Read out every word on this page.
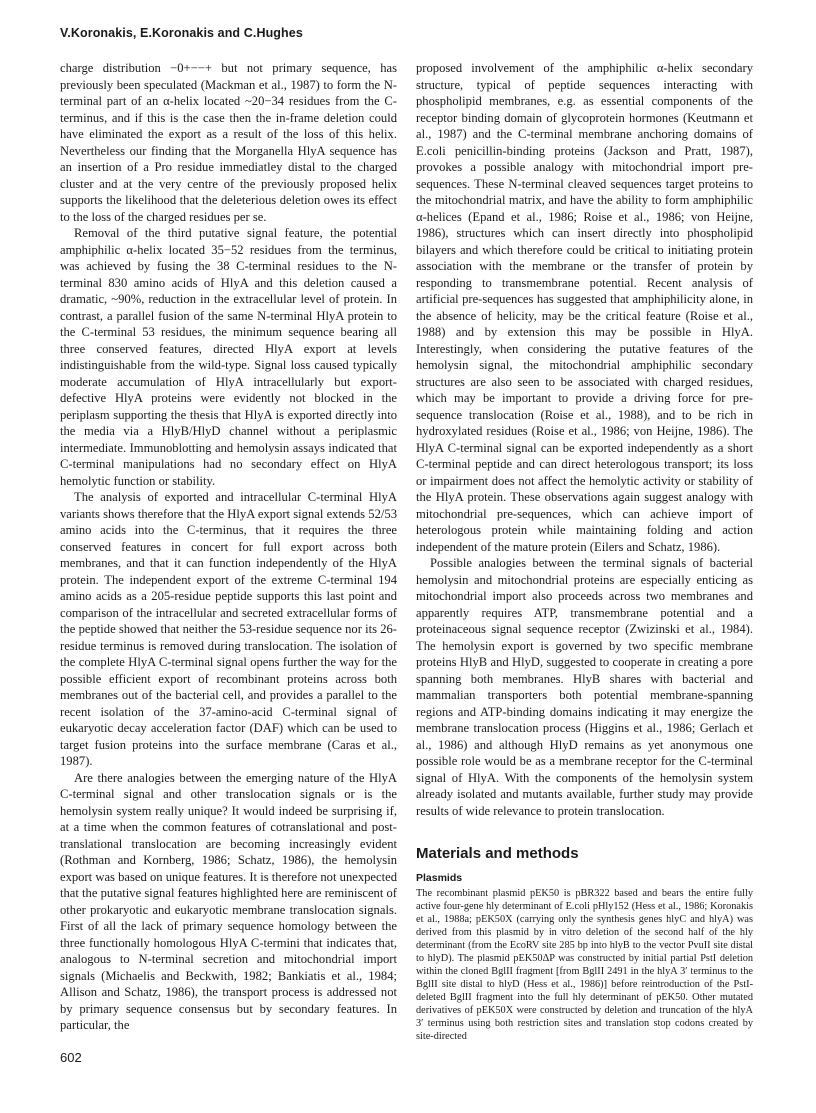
V.Koronakis, E.Koronakis and C.Hughes

charge distribution −0+−−+ but not primary sequence, has previously been speculated (Mackman et al., 1987) to form the N-terminal part of an α-helix located ~20−34 residues from the C-terminus, and if this is the case then the in-frame deletion could have eliminated the export as a result of the loss of this helix. Nevertheless our finding that the Morganella HlyA sequence has an insertion of a Pro residue immediatley distal to the charged cluster and at the very centre of the previously proposed helix supports the likelihood that the deleterious deletion owes its effect to the loss of the charged residues per se.

Removal of the third putative signal feature, the potential amphiphilic α-helix located 35−52 residues from the terminus, was achieved by fusing the 38 C-terminal residues to the N-terminal 830 amino acids of HlyA and this deletion caused a dramatic, ~90%, reduction in the extracellular level of protein. In contrast, a parallel fusion of the same N-terminal HlyA protein to the C-terminal 53 residues, the minimum sequence bearing all three conserved features, directed HlyA export at levels indistinguishable from the wild-type. Signal loss caused typically moderate accumulation of HlyA intracellularly but export-defective HlyA proteins were evidently not blocked in the periplasm supporting the thesis that HlyA is exported directly into the media via a HlyB/HlyD channel without a periplasmic intermediate. Immunoblotting and hemolysin assays indicated that C-terminal manipulations had no secondary effect on HlyA hemolytic function or stability.

The analysis of exported and intracellular C-terminal HlyA variants shows therefore that the HlyA export signal extends 52/53 amino acids into the C-terminus, that it requires the three conserved features in concert for full export across both membranes, and that it can function independently of the HlyA protein. The independent export of the extreme C-terminal 194 amino acids as a 205-residue peptide supports this last point and comparison of the intracellular and secreted extracellular forms of the peptide showed that neither the 53-residue sequence nor its 26-residue terminus is removed during translocation. The isolation of the complete HlyA C-terminal signal opens further the way for the possible efficient export of recombinant proteins across both membranes out of the bacterial cell, and provides a parallel to the recent isolation of the 37-amino-acid C-terminal signal of eukaryotic decay acceleration factor (DAF) which can be used to target fusion proteins into the surface membrane (Caras et al., 1987).

Are there analogies between the emerging nature of the HlyA C-terminal signal and other translocation signals or is the hemolysin system really unique? It would indeed be surprising if, at a time when the common features of cotranslational and post-translational translocation are becoming increasingly evident (Rothman and Kornberg, 1986; Schatz, 1986), the hemolysin export was based on unique features. It is therefore not unexpected that the putative signal features highlighted here are reminiscent of other prokaryotic and eukaryotic membrane translocation signals. First of all the lack of primary sequence homology between the three functionally homologous HlyA C-termini that indicates that, analogous to N-terminal secretion and mitochondrial import signals (Michaelis and Beckwith, 1982; Bankiatis et al., 1984; Allison and Schatz, 1986), the transport process is addressed not by primary sequence consensus but by secondary features. In particular, the

proposed involvement of the amphiphilic α-helix secondary structure, typical of peptide sequences interacting with phospholipid membranes, e.g. as essential components of the receptor binding domain of glycoprotein hormones (Keutmann et al., 1987) and the C-terminal membrane anchoring domains of E.coli penicillin-binding proteins (Jackson and Pratt, 1987), provokes a possible analogy with mitochondrial import pre-sequences. These N-terminal cleaved sequences target proteins to the mitochondrial matrix, and have the ability to form amphiphilic α-helices (Epand et al., 1986; Roise et al., 1986; von Heijne, 1986), structures which can insert directly into phospholipid bilayers and which therefore could be critical to initiating protein association with the membrane or the transfer of protein by responding to transmembrane potential. Recent analysis of artificial pre-sequences has suggested that amphiphilicity alone, in the absence of helicity, may be the critical feature (Roise et al., 1988) and by extension this may be possible in HlyA. Interestingly, when considering the putative features of the hemolysin signal, the mitochondrial amphiphilic secondary structures are also seen to be associated with charged residues, which may be important to provide a driving force for pre-sequence translocation (Roise et al., 1988), and to be rich in hydroxylated residues (Roise et al., 1986; von Heijne, 1986). The HlyA C-terminal signal can be exported independently as a short C-terminal peptide and can direct heterologous transport; its loss or impairment does not affect the hemolytic activity or stability of the HlyA protein. These observations again suggest analogy with mitochondrial pre-sequences, which can achieve import of heterologous protein while maintaining folding and action independent of the mature protein (Eilers and Schatz, 1986).

Possible analogies between the terminal signals of bacterial hemolysin and mitochondrial proteins are especially enticing as mitochondrial import also proceeds across two membranes and apparently requires ATP, transmembrane potential and a proteinaceous signal sequence receptor (Zwizinski et al., 1984). The hemolysin export is governed by two specific membrane proteins HlyB and HlyD, suggested to cooperate in creating a pore spanning both membranes. HlyB shares with bacterial and mammalian transporters both potential membrane-spanning regions and ATP-binding domains indicating it may energize the membrane translocation process (Higgins et al., 1986; Gerlach et al., 1986) and although HlyD remains as yet anonymous one possible role would be as a membrane receptor for the C-terminal signal of HlyA. With the components of the hemolysin system already isolated and mutants available, further study may provide results of wide relevance to protein translocation.

Materials and methods
Plasmids

The recombinant plasmid pEK50 is pBR322 based and bears the entire fully active four-gene hly determinant of E.coli pHly152 (Hess et al., 1986; Koronakis et al., 1988a; pEK50X (carrying only the synthesis genes hlyC and hlyA) was derived from this plasmid by in vitro deletion of the second half of the hly determinant (from the EcoRV site 285 bp into hlyB to the vector PvuII site distal to hlyD). The plasmid pEK50ΔP was constructed by initial partial PstI deletion within the cloned BglII fragment [from BglII 2491 in the hlyA 3′ terminus to the BglII site distal to hlyD (Hess et al., 1986)] before reintroduction of the PstI-deleted BglII fragment into the full hly determinant of pEK50. Other mutated derivatives of pEK50X were constructed by deletion and truncation of the hlyA 3′ terminus using both restriction sites and translation stop codons created by site-directed

602
